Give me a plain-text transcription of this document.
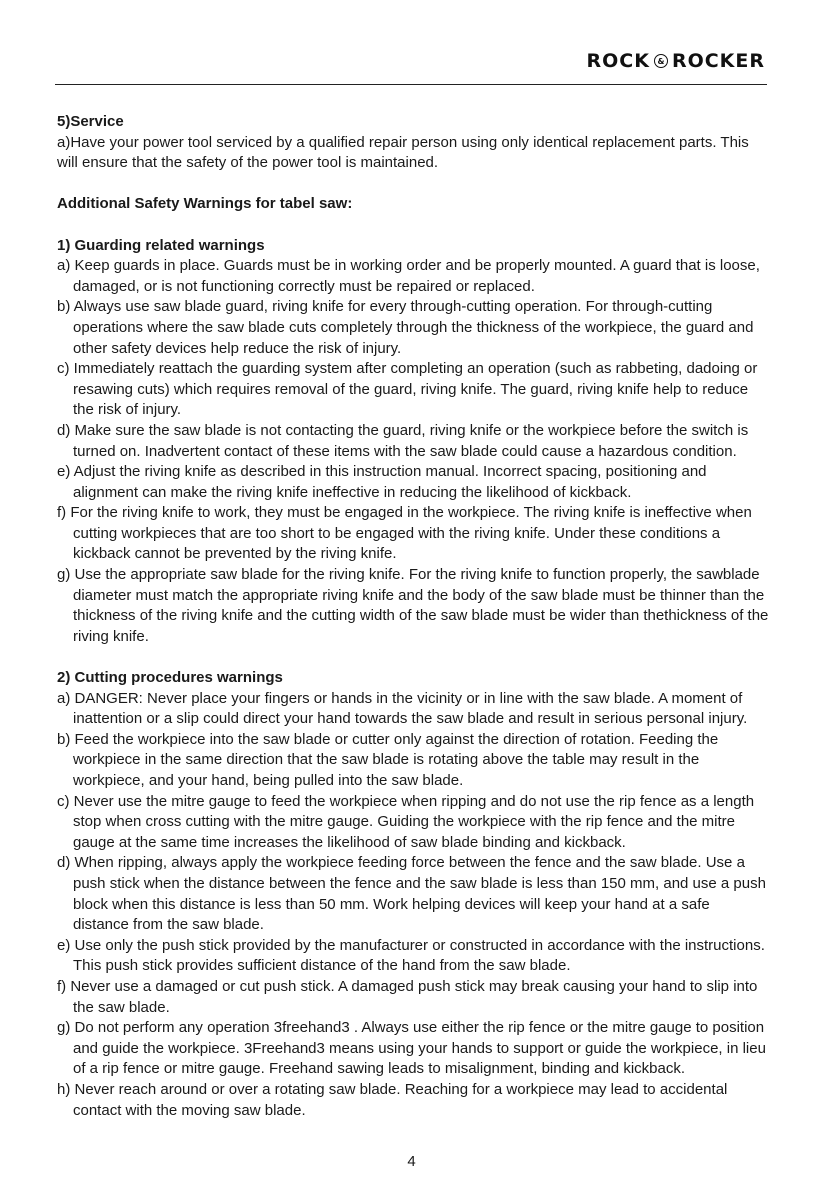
ROCK & ROCKER
5)Service

a)Have your power tool serviced by a qualified repair person using only identical replacement parts. This will ensure that the safety of the power tool is maintained.

Additional Safety Warnings for tabel saw:
1) Guarding related warnings

a) Keep guards in place. Guards must be in working order and be properly mounted. A guard that is loose, damaged, or is not functioning correctly must be repaired or replaced.

b) Always use saw blade guard, riving knife for every through-cutting operation. For through-cutting operations where the saw blade cuts completely through the thickness of the workpiece, the guard and other safety devices help reduce the risk of injury.

c) Immediately reattach the guarding system after completing an operation (such as rabbeting, dadoing or resawing cuts) which requires removal of the guard, riving knife. The guard, riving knife help to reduce the risk of injury.

d) Make sure the saw blade is not contacting the guard, riving knife or the workpiece before the switch is turned on. Inadvertent contact of these items with the saw blade could cause a hazardous condition.

e) Adjust the riving knife as described in this instruction manual. Incorrect spacing, positioning and alignment can make the riving knife ineffective in reducing the likelihood of kickback.

f) For the riving knife to work, they must be engaged in the workpiece. The riving knife is ineffective when cutting workpieces that are too short to be engaged with the riving knife. Under these conditions a kickback cannot be prevented by the riving knife.

g) Use the appropriate saw blade for the riving knife. For the riving knife to function properly, the sawblade diameter must match the appropriate riving knife and the body of the saw blade must be thinner than the thickness of the riving knife and the cutting width of the saw blade must be wider than thethickness of the riving knife.

2) Cutting procedures warnings

a) DANGER: Never place your fingers or hands in the vicinity or in line with the saw blade. A moment of inattention or a slip could direct your hand towards the saw blade and result in serious personal injury.

b) Feed the workpiece into the saw blade or cutter only against the direction of rotation. Feeding the workpiece in the same direction that the saw blade is rotating above the table may result in the workpiece, and your hand, being pulled into the saw blade.

c) Never use the mitre gauge to feed the workpiece when ripping and do not use the rip fence as a length stop when cross cutting with the mitre gauge. Guiding the workpiece with the rip fence and the mitre gauge at the same time increases the likelihood of saw blade binding and kickback.

d) When ripping, always apply the workpiece feeding force between the fence and the saw blade. Use a push stick when the distance between the fence and the saw blade is less than 150 mm, and use a push block when this distance is less than 50 mm. Work helping devices will keep your hand at a safe distance from the saw blade.

e) Use only the push stick provided by the manufacturer or constructed in accordance with the instructions. This push stick provides sufficient distance of the hand from the saw blade.

f) Never use a damaged or cut push stick. A damaged push stick may break causing your hand to slip into the saw blade.

g) Do not perform any operation 3freehand3 . Always use either the rip fence or the mitre gauge to position and guide the workpiece. 3Freehand3 means using your hands to support or guide the workpiece, in lieu of a rip fence or mitre gauge. Freehand sawing leads to misalignment, binding and kickback.

h) Never reach around or over a rotating saw blade. Reaching for a workpiece may lead to accidental contact with the moving saw blade.

4
